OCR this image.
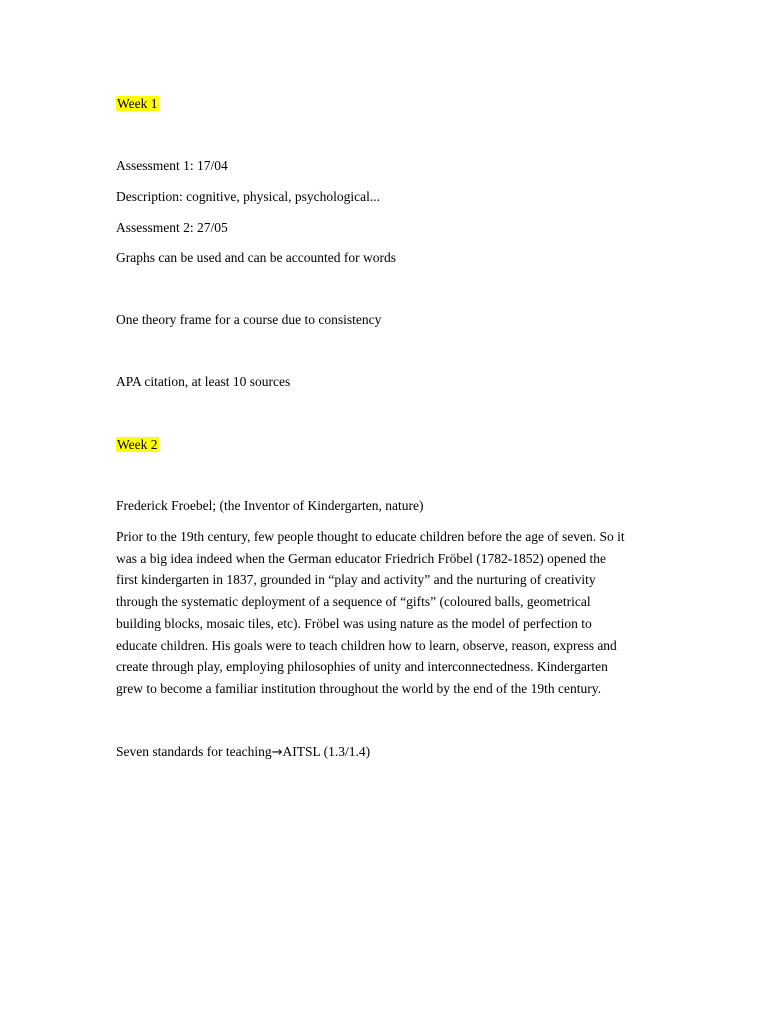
Week 1
Assessment 1: 17/04
Description: cognitive, physical, psychological...
Assessment 2: 27/05
Graphs can be used and can be accounted for words
One theory frame for a course due to consistency
APA citation, at least 10 sources
Week 2
Frederick Froebel; (the Inventor of Kindergarten, nature)
Prior to the 19th century, few people thought to educate children before the age of seven. So it
was a big idea indeed when the German educator Friedrich Fröbel (1782-1852) opened the
first kindergarten in 1837, grounded in “play and activity” and the nurturing of creativity
through the systematic deployment of a sequence of “gifts” (coloured balls, geometrical
building blocks, mosaic tiles, etc). Fröbel was using nature as the model of perfection to
educate children. His goals were to teach children how to learn, observe, reason, express and
create through play, employing philosophies of unity and interconnectedness. Kindergarten
grew to become a familiar institution throughout the world by the end of the 19th century.
Seven standards for teaching→AITSL (1.3/1.4)
